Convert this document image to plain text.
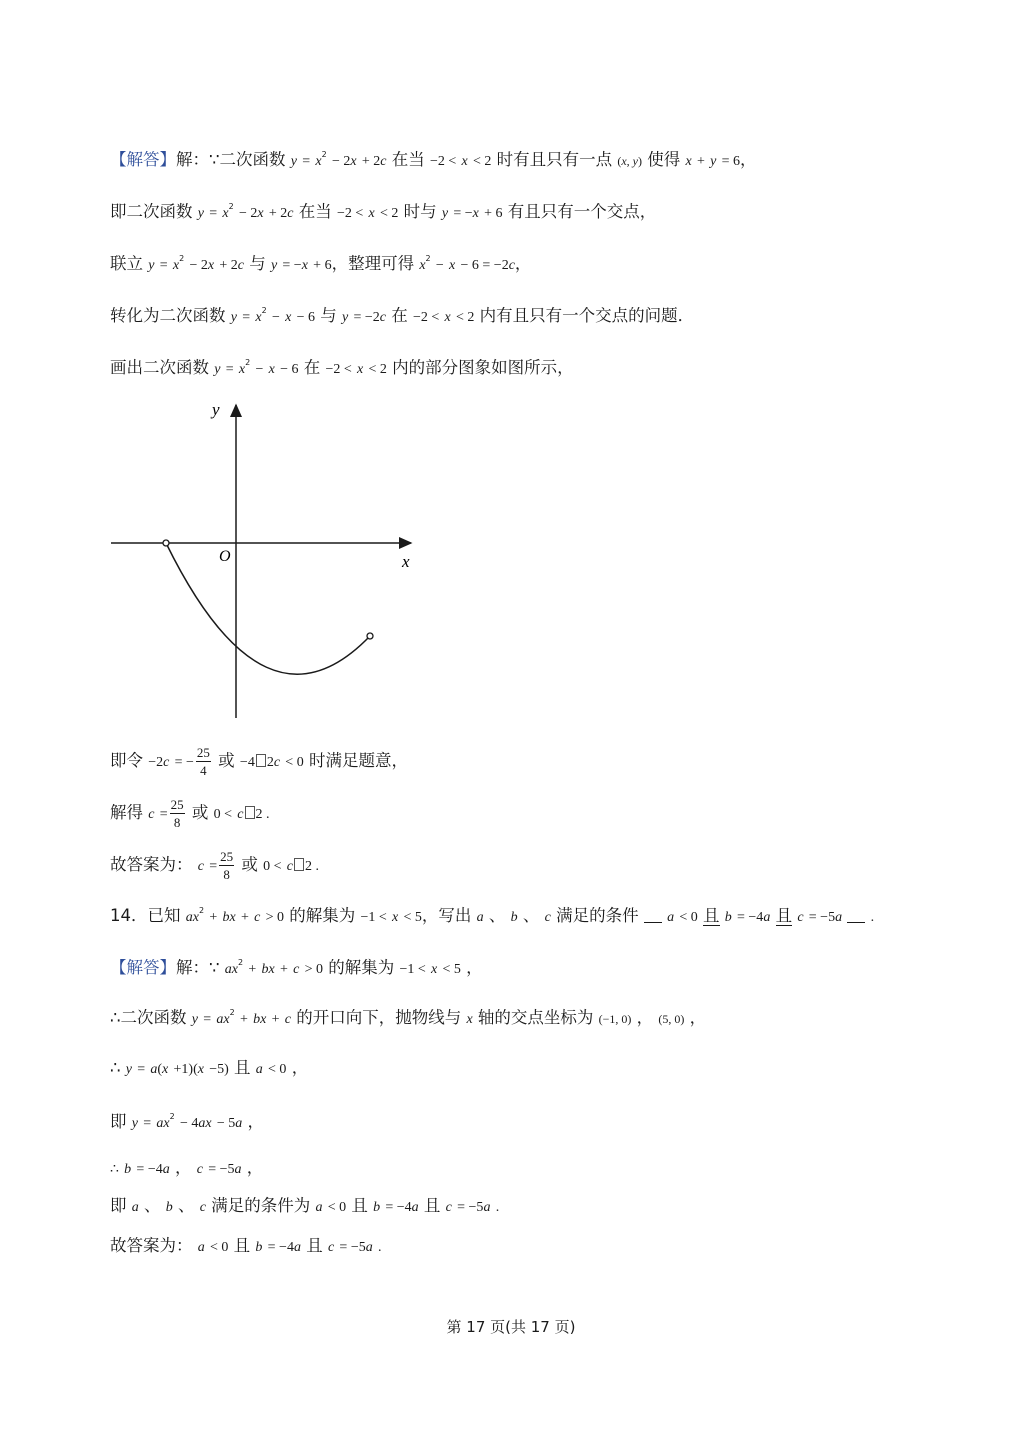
【解答】解：∵二次函数 $y = x^2 - 2x + 2c$ 在当 −2 < x < 2 时有且只有一点 (x, y) 使得 x + y = 6，
即二次函数 $y = x^2 - 2x + 2c$ 在当 −2 < x < 2 时与 y = −x + 6 有且只有一个交点，
联立 $y = x^2 - 2x + 2c$ 与 y = −x + 6，整理可得 $x^2 - x - 6 = -2c$，
转化为二次函数 $y = x^2 - x - 6$ 与 y = −2c 在 −2 < x < 2 内有且只有一个交点的问题．
画出二次函数 $y = x^2 - x - 6$ 在 −2 < x < 2 内的部分图象如图所示，
y
x
O
即令 −2c = − $\frac{25}{4}$ 或 −4 2c < 0 时满足题意，
解得 $c = \frac{25}{8}$ 或 0 < c 2 .
故答案为： $c = \frac{25}{8}$ 或 0 < c 2 .
14．已知 $ax^2$ + bx + c > 0 的解集为 −1 < x < 5，写出 a 、 b 、 c 满足的条件 a < 0 且 b = −4a 且 c = −5a .
【解答】解：∵ $ax^2$ + bx + c > 0 的解集为 −1 < x < 5 ，
∴二次函数 $y = ax^2$ + bx + c 的开口向下，抛物线与 x 轴的交点坐标为 (−1, 0) ， (5, 0) ，
∴ y = a(x +1)(x −5) 且 a < 0 ，
即 $y = ax^2 - 4ax - 5a$ ，
∴ b = −4a ， c = −5a ，
即 a 、 b 、 c 满足的条件为 a < 0 且 b = −4a 且 c = −5a .
故答案为： a < 0 且 b = −4a 且 c = −5a .
第 17 页(共 17 页)
